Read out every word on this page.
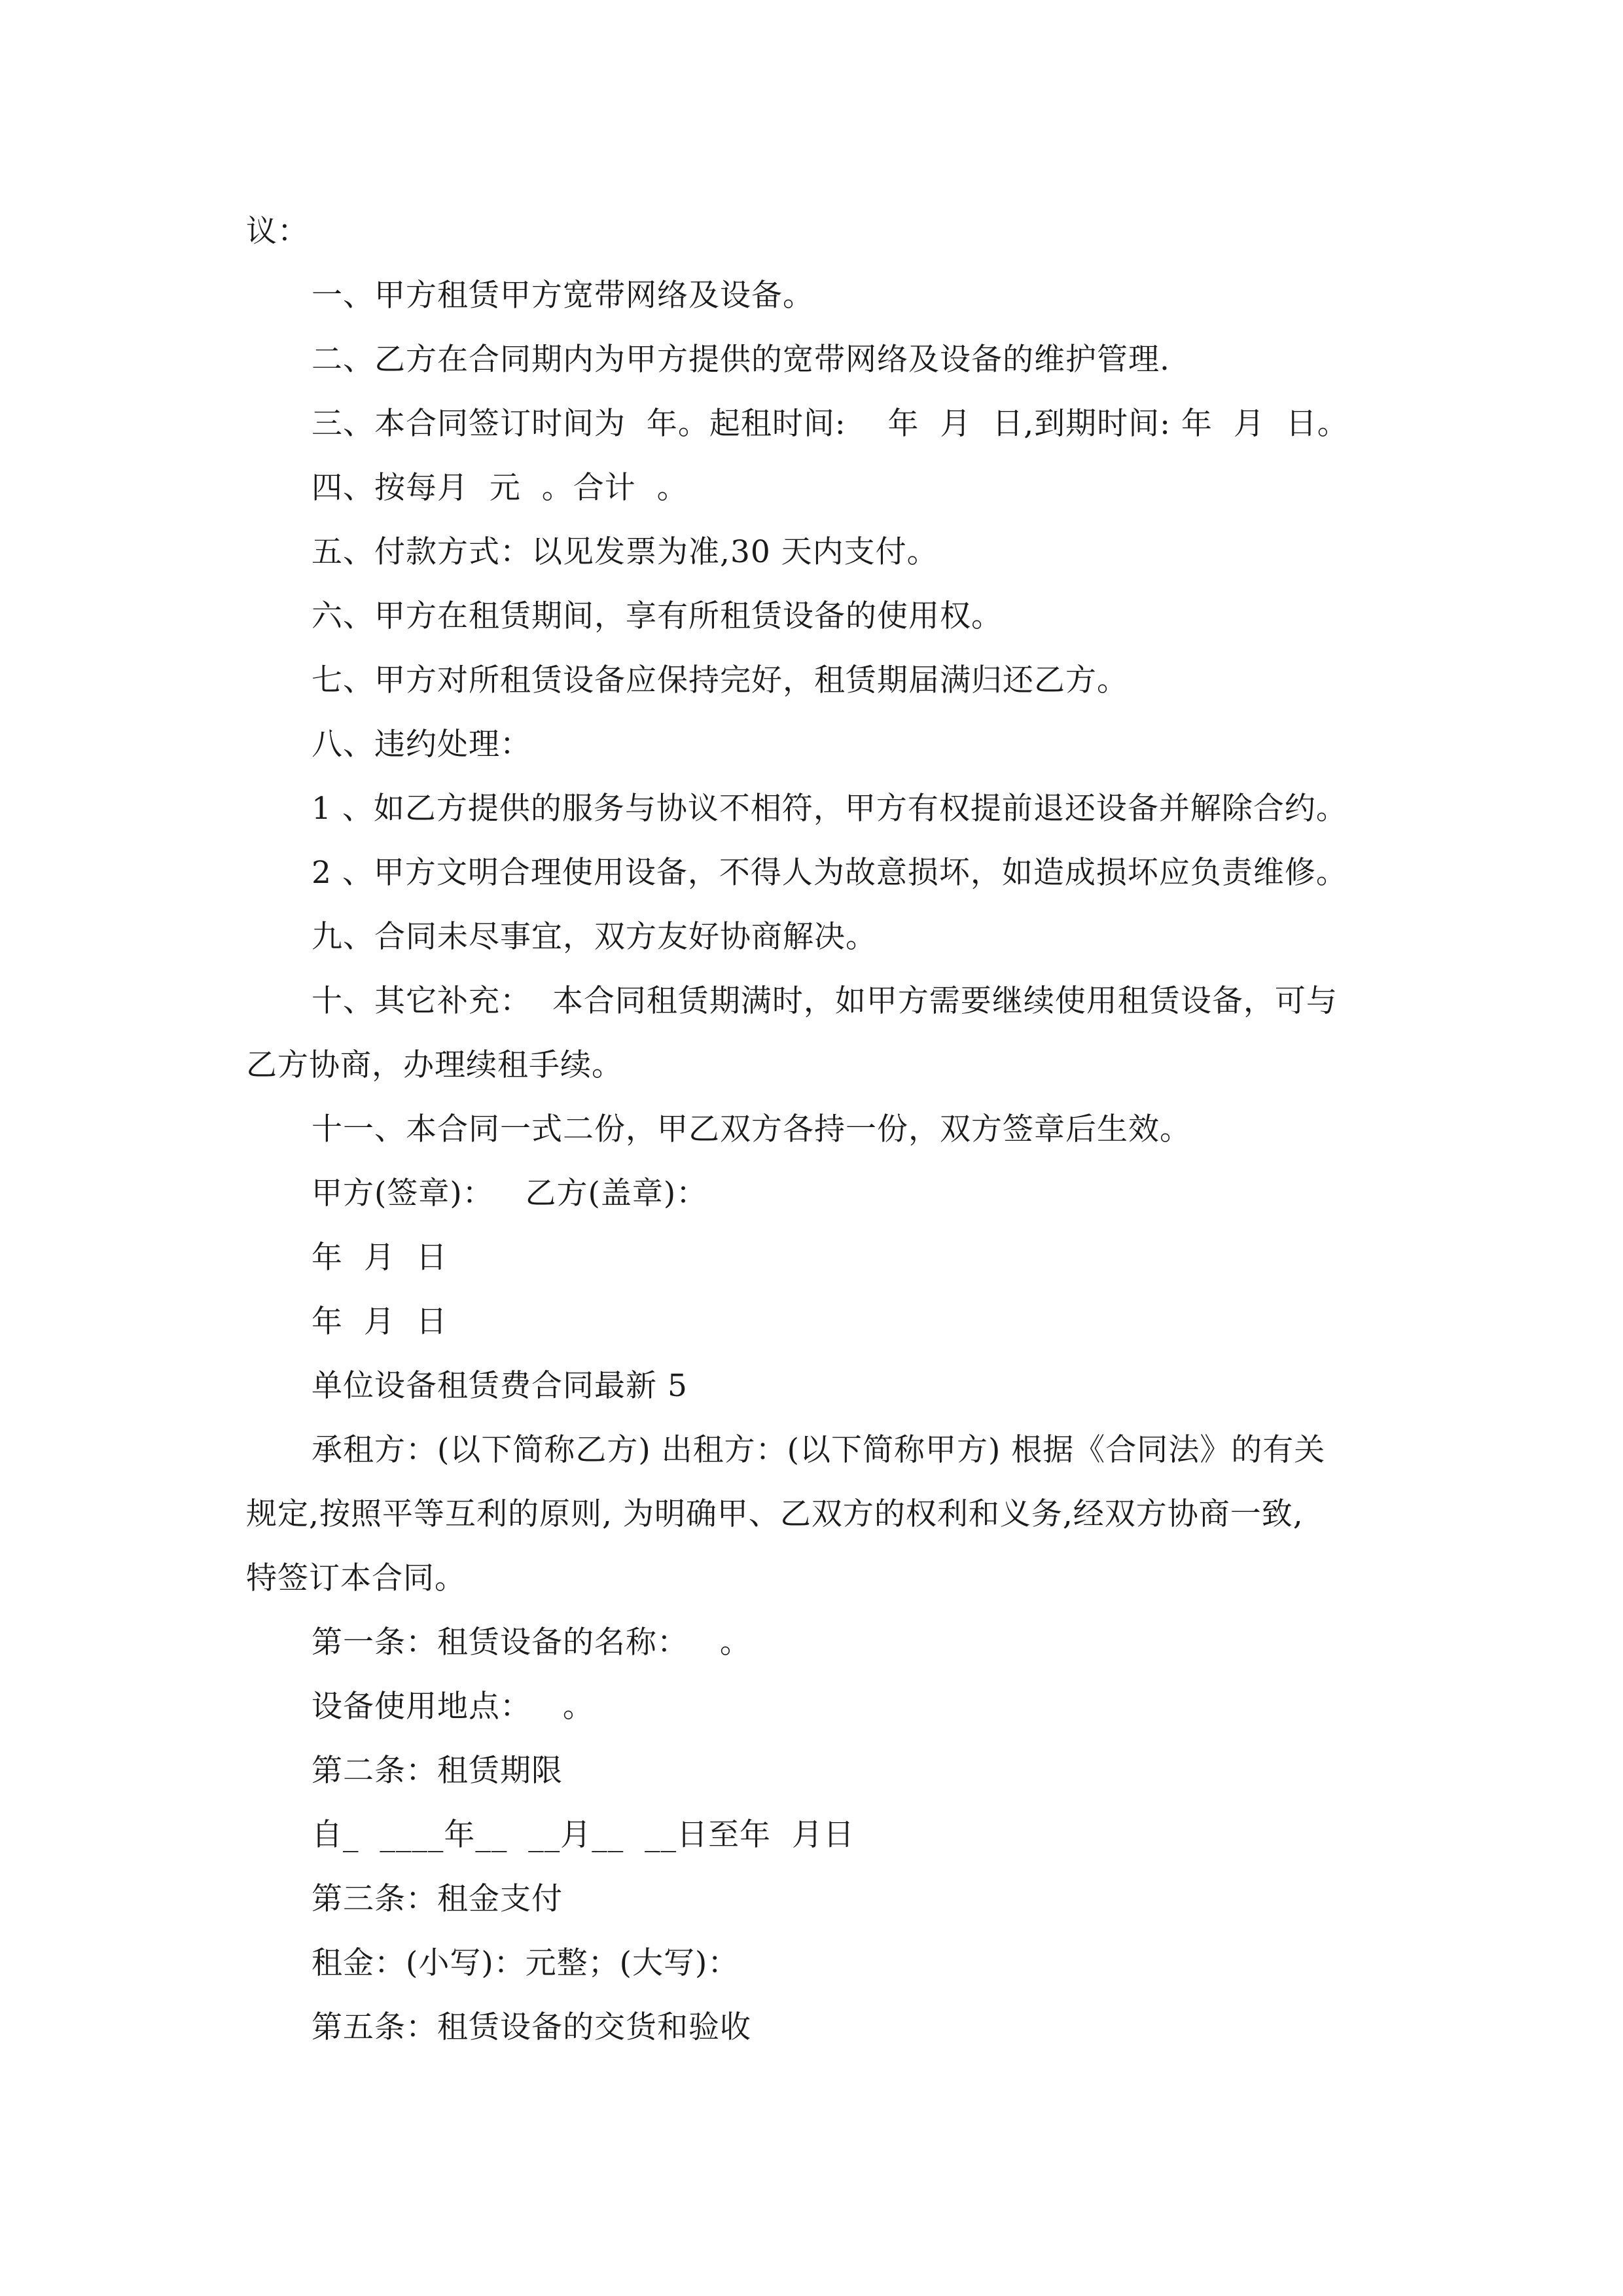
议：
一、甲方租赁甲方宽带网络及设备。
二、乙方在合同期内为甲方提供的宽带网络及设备的维护管理.
三、本合同签订时间为  年。起租时间:    年  月  日,到期时间: 年  月  日。
四、按每月  元  。合计  。
五、付款方式：以见发票为准,30 天内支付。
六、甲方在租赁期间，享有所租赁设备的使用权。
七、甲方对所租赁设备应保持完好，租赁期届满归还乙方。
八、违约处理：
1 、如乙方提供的服务与协议不相符，甲方有权提前退还设备并解除合约。
2 、甲方文明合理使用设备，不得人为故意损坏，如造成损坏应负责维修。
九、合同未尽事宜，双方友好协商解决。
十、其它补充：  本合同租赁期满时，如甲方需要继续使用租赁设备，可与
乙方协商，办理续租手续。
十一、本合同一式二份，甲乙双方各持一份，双方签章后生效。
甲方(签章)：   乙方(盖章)：
年  月  日
年  月  日
单位设备租赁费合同最新 5
承租方：(以下简称乙方) 出租方：(以下简称甲方) 根据《合同法》的有关
规定,按照平等互利的原则, 为明确甲、乙双方的权利和义务,经双方协商一致,
特签订本合同。
第一条：租赁设备的名称：   。
设备使用地点：   。
第二条：租赁期限
自_  ____年__  __月__  __日至年  月日
第三条：租金支付
租金：(小写)：元整；(大写)：
第五条：租赁设备的交货和验收
